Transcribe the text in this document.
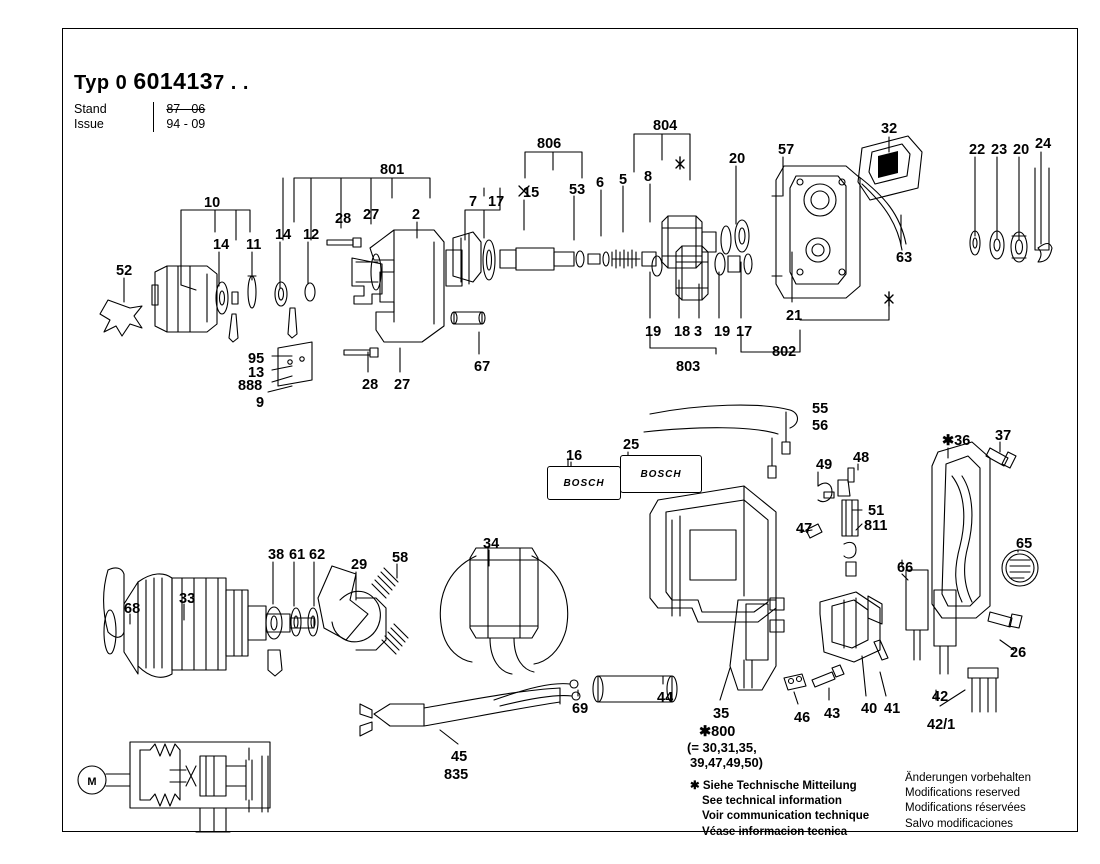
Typ 0 6014137 . .
Stand	87 - 06
Issue	94 - 09
M
10
801
806
804
20
57
32
22 23 20 24
14 11
14 12
28 27 2
7 17
15 53 6 5 8
52
19 18 3 19 17
21
803
802
63
95
13
888
9
28 27
67
55
56
16
25
49 48
51
811
47
✱36 37
65
66
26
68
33
38 61 62
29 58
34
35
✱800
(= 30,31,35,
39,47,49,50)
46 43 40 41
42
42/1
44
69
45
835
BOSCH
BOSCH
✱ Siehe Technische Mitteilung
See technical information
Voir communication technique
Véase informacion tecnica
Änderungen vorbehalten
Modifications reserved
Modifications réservées
Salvo modificaciones
